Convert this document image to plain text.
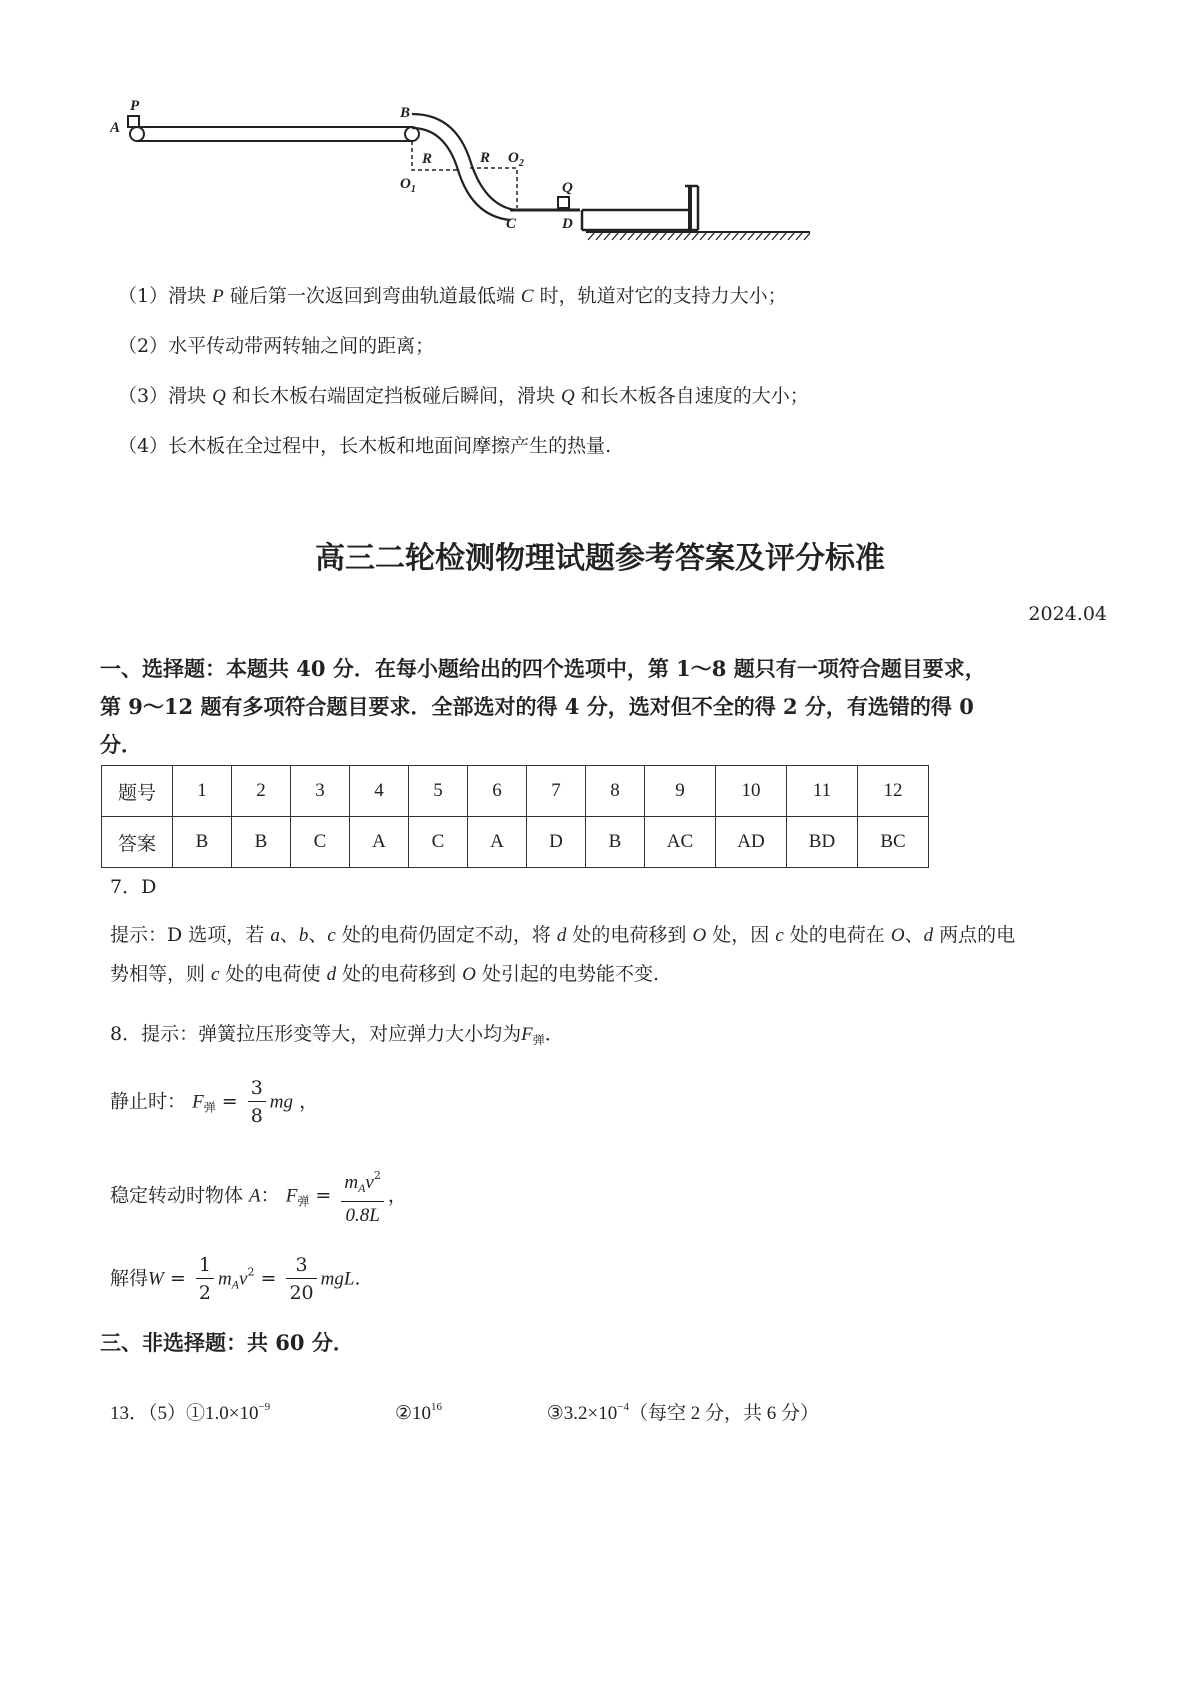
A
P	B
R	R
$O_1$
$O_2$
C
Q
D
（1）滑块 P 碰后第一次返回到弯曲轨道最低端 C 时，轨道对它的支持力大小；
（2）水平传动带两转轴之间的距离；
（3）滑块 Q 和长木板右端固定挡板碰后瞬间，滑块 Q 和长木板各自速度的大小；
（4）长木板在全过程中，长木板和地面间摩擦产生的热量.
高三二轮检测物理试题参考答案及评分标准
2024.04
一、选择题：本题共 40 分．在每小题给出的四个选项中，第 1～8 题只有一项符合题目要求，
第 9～12 题有多项符合题目要求．全部选对的得 4 分，选对但不全的得 2 分，有选错的得 0
分．
题号	1	2	3	4	5	6	7	8	9	10	11	12
答案	B	B	C	A	C	A	D	B	AC	AD	BD	BC
7．D
提示：D 选项，若 a、b、c 处的电荷仍固定不动，将 d 处的电荷移到 O 处，因 c 处的电荷在 O、d 两点的电
势相等，则 c 处的电荷使 d 处的电荷移到 O 处引起的电势能不变.
8．提示：弹簧拉压形变等大，对应弹力大小均为$F_弹$．
静止时： $F_弹 = \frac{3}{8}$ mg ，
稳定转动时物体 A： $F_弹 = \frac{m_Av^2}{0.8L}$ ，
解得$W = \frac{1}{2} m_Av^2 = \frac{3}{20}$ mgL.
三、非选择题：共 60 分．
13．$(5)①1.0\times 10^{-9}$	$②10^{16}$	$③3.2\times 10^{-4}$（每空 2 分，共 6 分）
